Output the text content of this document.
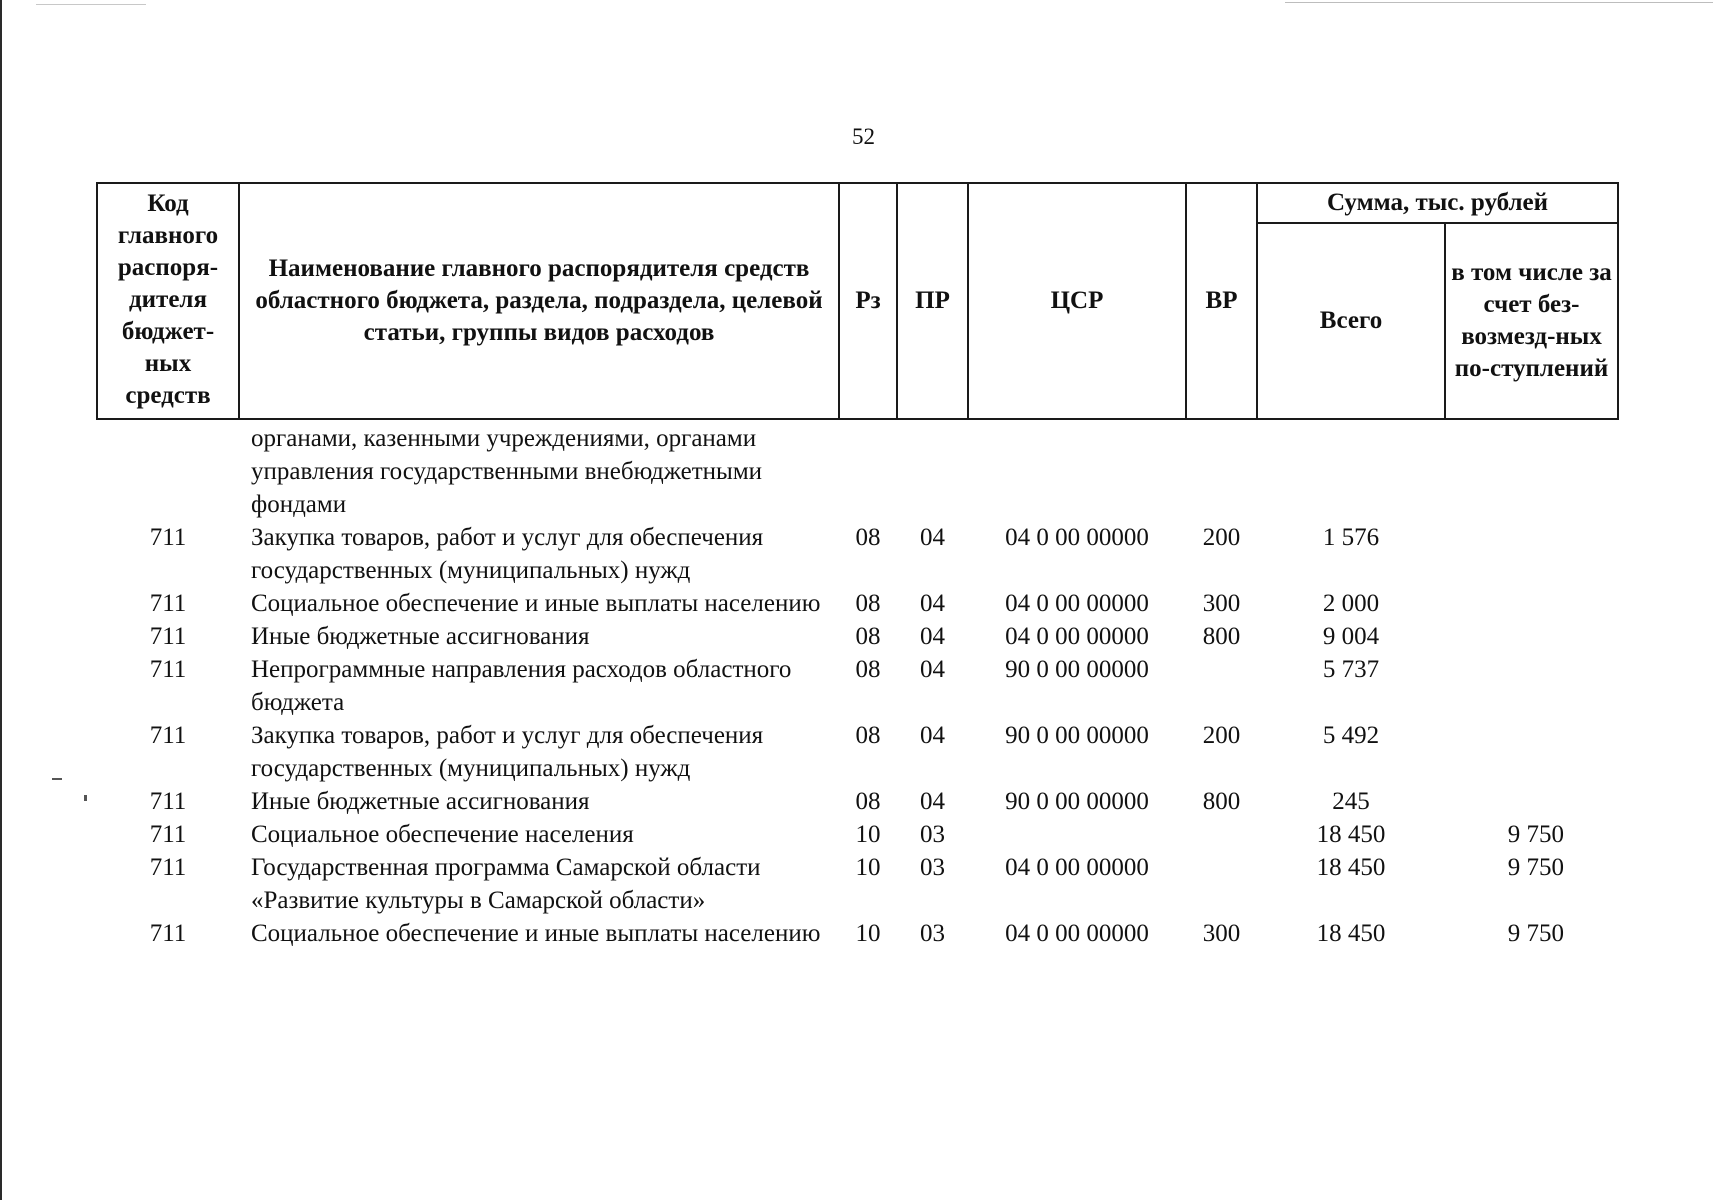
52
Код главного распоря-дителя бюджет-ных средств	Наименование главного распорядителя средств областного бюджета, раздела, подраздела, целевой статьи, группы видов расходов	Рз	ПР	ЦСР	ВР	Сумма, тыс. рублей	
						Всего	в том числе за счет без-возмезд-ных по-ступлений
	органами, казенными учреждениями, органами управления государственными внебюджетными фондами						
711	Закупка товаров, работ и услуг для обеспечения государственных (муниципальных) нужд	08	04	04 0 00 00000	200	1 576	
711	Социальное обеспечение и иные выплаты населению	08	04	04 0 00 00000	300	2 000	
711	Иные бюджетные ассигнования	08	04	04 0 00 00000	800	9 004	
711	Непрограммные направления расходов областного бюджета	08	04	90 0 00 00000		5 737	
711	Закупка товаров, работ и услуг для обеспечения государственных (муниципальных) нужд	08	04	90 0 00 00000	200	5 492	
711	Иные бюджетные ассигнования	08	04	90 0 00 00000	800	245	
711	Социальное обеспечение населения	10	03			18 450	9 750
711	Государственная программа Самарской области «Развитие культуры в Самарской области»	10	03	04 0 00 00000		18 450	9 750
711	Социальное обеспечение и иные выплаты населению	10	03	04 0 00 00000	300	18 450	9 750
